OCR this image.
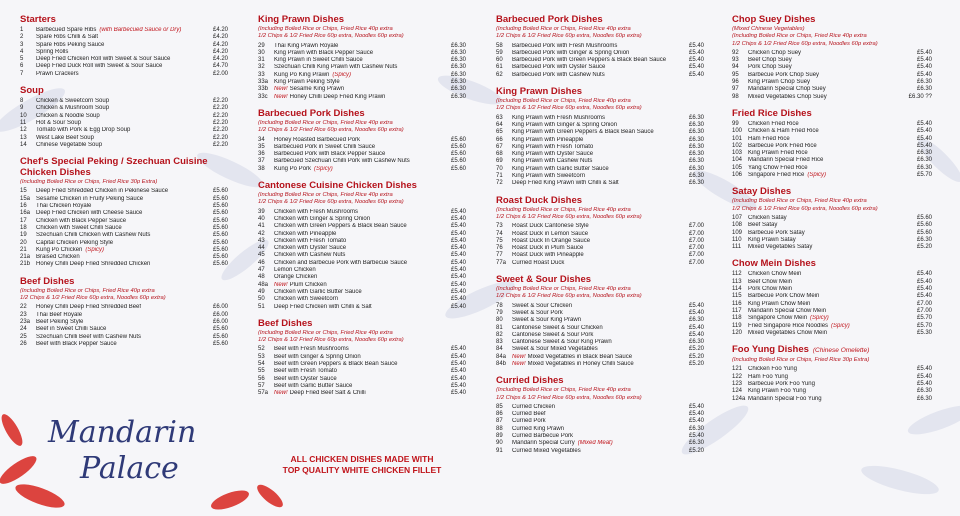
Mandarin
Palace
Starters
1	Barbecued Spare Ribs (with Barbecued Sauce or Dry)	£4.20
2	Spare Ribs Chilli & Salt	£4.20
3	Spare Ribs Peking Sauce	£4.20
4	Spring Rolls	£4.20
5	Deep Fried Chicken Roll with Sweet & Sour Sauce	£4.20
6	Deep Fried Duck Roll with Sweet & Sour Sauce	£4.70
7	Prawn Crackers	£2.00
Soup
8	Chicken & Sweetcorn Soup	£2.20
9	Chicken & Mushroom Soup	£2.20
10	Chicken & Noodle Soup	£2.20
11	Hot & Sour Soup	£2.20
12	Tomato with Pork & Egg Drop Soup	£2.20
13	West Lake Beef Soup	£2.20
14	Chinese Vegetable Soup	£2.20
Chef's Special Peking / Szechuan Cuisine Chicken Dishes
(Including Boiled Rice or Chips, Fried Rice 30p Extra)
15	Deep Fried Shredded Chicken in Pekinese Sauce	£5.60
15a Sesame Chicken in Fruity Peking Sauce	£5.60
16	Thai Chicken Royale	£5.60
16a Deep Fried Chicken with Cheese Sauce	£5.60
17	Chicken with Black Pepper Sauce	£5.60
18	Chicken with Sweet Chilli Sauce	£5.60
19	Szechuan Chilli Chicken with Cashew Nuts	£5.60
20	Capital Chicken Peking Style	£5.60
21	Kung Po Chicken (Spicy)	£5.60
21a Braised Chicken	£5.60
21b Honey Chilli Deep Fried Shredded Chicken	£5.60
Beef Dishes
(Including Boiled Rice or Chips, Fried Rice 40p extra
1/2 Chips & 1/2 Fried Rice 60p extra, Noodles 60p extra)
22	Honey Chilli Deep Fried Shredded Beef	£6.00
23	Thai Beef Royale	£6.00
23a Beef Peking Style	£6.00
24	Beef in Sweet Chilli Sauce	£5.60
25	Szechuan Chilli Beef with Cashew Nuts	£5.60
26	Beef with Black Pepper Sauce	£5.60
King Prawn Dishes
(Including Boiled Rice or Chips, Fried Rice 40p extra
1/2 Chips & 1/2 Fried Rice 60p extra, Noodles 60p extra)
29	Thai King Prawn Royale	£6.30
30	King Prawn with Black Pepper Sauce	£6.30
31	King Prawn in Sweet Chilli Sauce	£6.30
32	Szechuan Chilli King Prawn with Cashew Nuts	£6.30
33	Kung Po King Prawn (Spicy)	£6.30
33a King Prawn Peking Style	£6.30
33b New! Sesame King Prawn	£6.30
33c	New! Honey Chilli Deep Fried King Prawn	£6.30
Barbecued Pork Dishes
(Including Boiled Rice or Chips, Fried Rice 40p extra
1/2 Chips & 1/2 Fried Rice 60p extra, Noodles 60p extra)
34	Honey Roasted Barbecued Pork	£5.60
35	Barbecued Pork in Sweet Chilli Sauce	£5.60
36	Barbecued Pork with Black Pepper Sauce	£5.60
37	Barbecued Szechuan Chilli Pork with Cashew Nuts	£5.60
38	Kung Po Pork (Spicy)	£5.60
Cantonese Cuisine Chicken Dishes
(Including Boiled Rice or Chips, Fried Rice 40p extra
1/2 Chips & 1/2 Fried Rice 60p extra, Noodles 60p extra)
39	Chicken with Fresh Mushrooms	£5.40
40	Chicken with Ginger & Spring Onion	£5.40
41	Chicken with Green Peppers & Black Bean Sauce	£5.40
42	Chicken with Pineapple	£5.40
43	Chicken with Fresh Tomato	£5.40
44	Chicken with Oyster Sauce	£5.40
45	Chicken with Cashew Nuts	£5.40
46	Chicken and Barbecue Pork with Barbecue Sauce	£5.40
47	Lemon Chicken	£5.40
48	Orange Chicken	£5.40
48a New! Plum Chicken	£5.40
49	Chicken with Garlic Butter Sauce	£5.40
50	Chicken with Sweetcorn	£5.40
51	Deep Fried Chicken with Chilli & Salt	£5.40
Beef Dishes
(Including Boiled Rice or Chips, Fried Rice 40p extra
1/2 Chips & 1/2 Fried Rice 60p extra, Noodles 60p extra)
52	Beef with Fresh Mushrooms	£5.40
53	Beef with Ginger & Spring Onion	£5.40
54	Beef with Green Peppers & Black Bean Sauce	£5.40
55	Beef with Fresh Tomato	£5.40
56	Beef with Oyster Sauce	£5.40
57	Beef with Garlic Butter Sauce	£5.40
57a New! Deep Fried Beef Salt & Chilli	£5.40
Barbecued Pork Dishes
(Including Boiled Rice or Chips, Fried Rice 40p extra
1/2 Chips & 1/2 Fried Rice 60p extra, Noodles 60p extra)
58	Barbecued Pork with Fresh Mushrooms	£5.40
59	Barbecued Pork with Ginger & Spring Onion	£5.40
60	Barbecued Pork with Green Peppers & Black Bean Sauce	£5.40
61	Barbecued Pork with Oyster Sauce	£5.40
62	Barbecued Pork with Cashew Nuts	£5.40
King Prawn Dishes
(Including Boiled Rice or Chips, Fried Rice 40p extra
1/2 Chips & 1/2 Fried Rice 60p extra, Noodles 60p extra)
63	King Prawn with Fresh Mushrooms	£6.30
64	King Prawn with Ginger & Spring Onion	£6.30
65	King Prawn with Green Peppers & Black Bean Sauce	£6.30
66	King Prawn with Pineapple	£6.30
67	King Prawn with Fresh Tomato	£6.30
68	King Prawn with Oyster Sauce	£6.30
69	King Prawn with Cashew Nuts	£6.30
70	King Prawn with Garlic Butter Sauce	£6.30
71	King Prawn with Sweetcorn	£6.30
72	Deep Fried King Prawn with Chilli & Salt	£6.30
Roast Duck Dishes
(Including Boiled Rice or Chips, Fried Rice 40p extra
1/2 Chips & 1/2 Fried Rice 60p extra, Noodles 60p extra)
73	Roast Duck Cantonese Style	£7.00
74	Roast Duck in Lemon Sauce	£7.00
75	Roast Duck In Orange Sauce	£7.00
76	Roast Duck in Plum Sauce	£7.00
77	Roast Duck with Pineapple	£7.00
77a Curried Roast Duck	£7.00
Sweet & Sour Dishes
(Including Boiled Rice or Chips, Fried Rice 40p extra
1/2 Chips & 1/2 Fried Rice 60p extra, Noodles 60p extra)
78	Sweet & Sour Chicken	£5.40
79	Sweet & Sour Pork	£5.40
80	Sweet & Sour King Prawn	£6.30
81	Cantonese Sweet & Sour Chicken	£5.40
82	Cantonese Sweet & Sour Pork	£5.40
83	Cantonese Sweet & Sour King Prawn	£6.30
84	Sweet & Sour Mixed Vegetables	£5.20
84a New! Mixed Vegetables in Black Bean Sauce	£5.20
84b New! Mixed Vegetables in Honey Chilli Sauce	£5.20
Curried Dishes
(Including Boiled Rice or Chips, Fried Rice 40p extra
1/2 Chips & 1/2 Fried Rice 60p extra, Noodles 60p extra)
85	Curried Chicken	£5.40
86	Curried Beef	£5.40
87	Curried Pork	£5.40
88	Curried King Prawn	£6.30
89	Curried Barbecue Pork	£5.40
90	Mandarin Special Curry (Mixed Meat)	£6.30
91	Curried Mixed Vegetables	£5.20
Chop Suey Dishes
(Mixed Chinese Vegetables)
(Including Boiled Rice or Chips, Fried Rice 40p extra
1/2 Chips & 1/2 Fried Rice 60p extra, Noodles 60p extra)
92	Chicken Chop Suey	£5.40
93	Beef Chop Suey	£5.40
94	Pork Chop Suey	£5.40
95	Barbecue Pork Chop Suey	£5.40
96	King Prawn Chop Suey	£6.30
97	Mandarin Special Chop Suey	£6.30
98	Mixed Vegetables Chop Suey	£6.30 ??
Fried Rice Dishes
99	Chicken Fried Rice	£5.40
100 Chicken & Ham Fried Rice	£5.40
101 Ham Fried Rice	£5.40
102 Barbecue Pork Fried Rice	£5.40
103 King Prawn Fried Rice	£6.30
104 Mandarin Special Fried Rice	£6.30
105 Yang Chow Fried Rice	£6.30
106 Singapore Fried Rice (Spicy)	£5.70
Satay Dishes
(Including Boiled Rice or Chips, Fried Rice 40p extra
1/2 Chips & 1/2 Fried Rice 60p extra, Noodles 60p extra)
107 Chicken Satay	£5.60
108 Beef Satay	£5.60
109 Barbecue Pork Satay	£5.60
110	King Prawn Satay	£6.30
111	Mixed Vegetables Satay	£5.20
Chow Mein Dishes
112	Chicken Chow Mein	£5.40
113	Beef Chow Mein	£5.40
114	Pork Chow Mein	£5.40
115	Barbecue Pork Chow Mein	£5.40
116	King Prawn Chow Mein	£7.00
117	Mandarin Special Chow Mein	£7.00
118	Singapore Chow Mein (Spicy)	£5.70
119	Fried Singapore Rice Noodles (Spicy)	£5.70
120 Mixed Vegetables Chow Mein	£5.30
Foo Yung Dishes (Chinese Omelette)
(Including Boiled Rice or Chips, Fried Rice 30p Extra)
121 Chicken Foo Yung	£5.40
122 Ham Foo Yung	£5.40
123 Barbecue Pork Foo Yung	£5.40
124 King Prawn Foo Yung	£6.30
124a Mandarin Special Foo Yung	£6.30
ALL CHICKEN DISHES MADE WITH
TOP QUALITY WHITE CHICKEN FILLET
